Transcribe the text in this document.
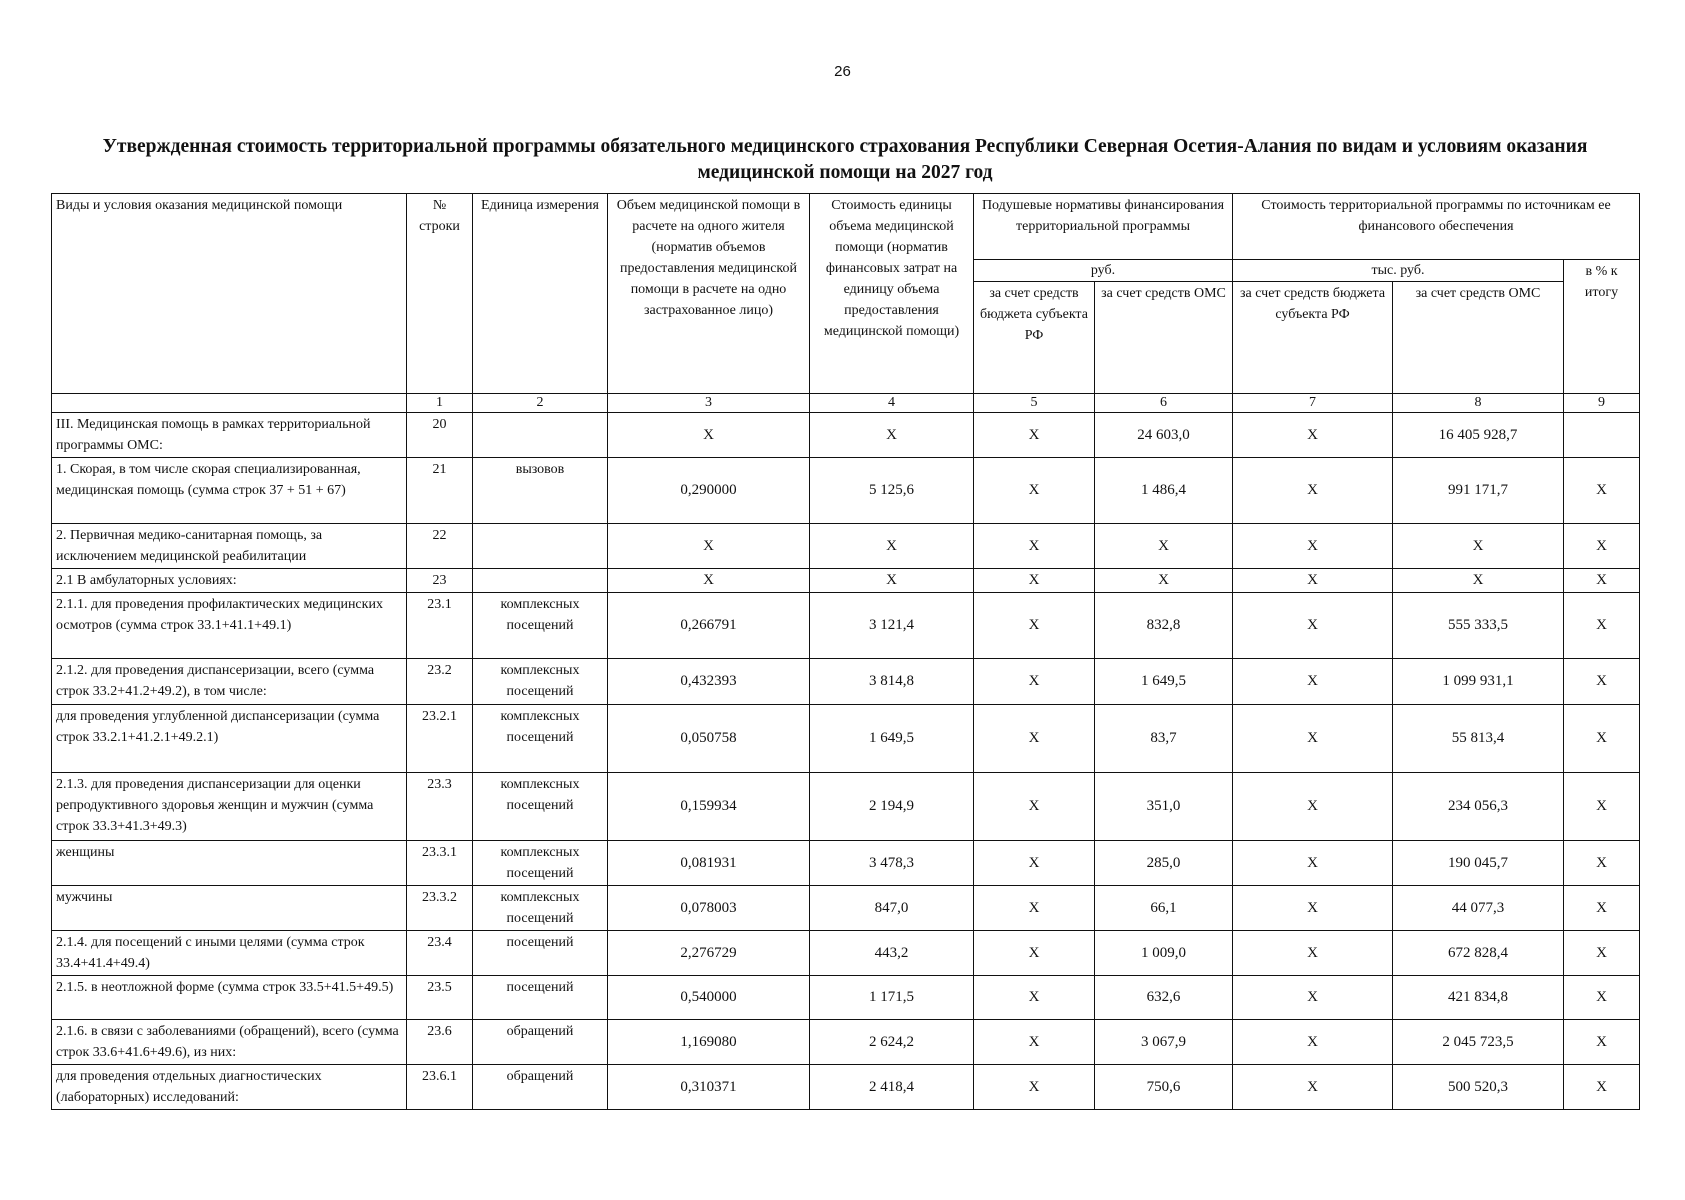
26
Утвержденная стоимость территориальной программы обязательного медицинского страхования Республики Северная Осетия-Алания по видам и условиям оказания медицинской помощи на 2027 год
Виды и условия оказания медицинской помощи	№ строки	Единица измерения	Объем медицинской помощи в расчете на одного жителя (норматив объемов предоставления медицинской помощи в расчете на одно застрахованное лицо)	Стоимость единицы объема медицинской помощи (норматив финансовых затрат на единицу объема предоставления медицинской помощи)	Подушевые нормативы финансирования территориальной программы		Стоимость территориальной программы по источникам ее финансового обеспечения		
					руб.		тыс. руб.		в % к итогу
					за счет средств бюджета субъекта РФ	за счет средств ОМС	за счет средств бюджета субъекта РФ	за счет средств ОМС	
	1	2	3	4	5	6	7	8	9
III. Медицинская помощь в рамках территориальной программы ОМС:	20		X	X	X	24 603,0	X	16 405 928,7	
1. Скорая, в том числе скорая специализированная, медицинская помощь (сумма строк 37 + 51 + 67)	21	вызовов	0,290000	5 125,6	X	1 486,4	X	991 171,7	X
2. Первичная медико-санитарная помощь, за исключением медицинской реабилитации	22		X	X	X	X	X	X	X
2.1 В амбулаторных условиях:	23		X	X	X	X	X	X	X
2.1.1. для проведения профилактических медицинских осмотров (сумма строк 33.1+41.1+49.1)	23.1	комплексных посещений	0,266791	3 121,4	X	832,8	X	555 333,5	X
2.1.2. для проведения диспансеризации, всего (сумма строк 33.2+41.2+49.2), в том числе:	23.2	комплексных посещений	0,432393	3 814,8	X	1 649,5	X	1 099 931,1	X
для проведения углубленной диспансеризации (сумма строк 33.2.1+41.2.1+49.2.1)	23.2.1	комплексных посещений	0,050758	1 649,5	X	83,7	X	55 813,4	X
2.1.3. для проведения диспансеризации для оценки репродуктивного здоровья женщин и мужчин (сумма строк 33.3+41.3+49.3)	23.3	комплексных посещений	0,159934	2 194,9	X	351,0	X	234 056,3	X
женщины	23.3.1	комплексных посещений	0,081931	3 478,3	X	285,0	X	190 045,7	X
мужчины	23.3.2	комплексных посещений	0,078003	847,0	X	66,1	X	44 077,3	X
2.1.4. для посещений с иными целями (сумма строк 33.4+41.4+49.4)	23.4	посещений	2,276729	443,2	X	1 009,0	X	672 828,4	X
2.1.5. в неотложной форме (сумма строк 33.5+41.5+49.5)	23.5	посещений	0,540000	1 171,5	X	632,6	X	421 834,8	X
2.1.6. в связи с заболеваниями (обращений), всего (сумма строк 33.6+41.6+49.6), из них:	23.6	обращений	1,169080	2 624,2	X	3 067,9	X	2 045 723,5	X
для проведения отдельных диагностических (лабораторных) исследований:	23.6.1	обращений	0,310371	2 418,4	X	750,6	X	500 520,3	X
